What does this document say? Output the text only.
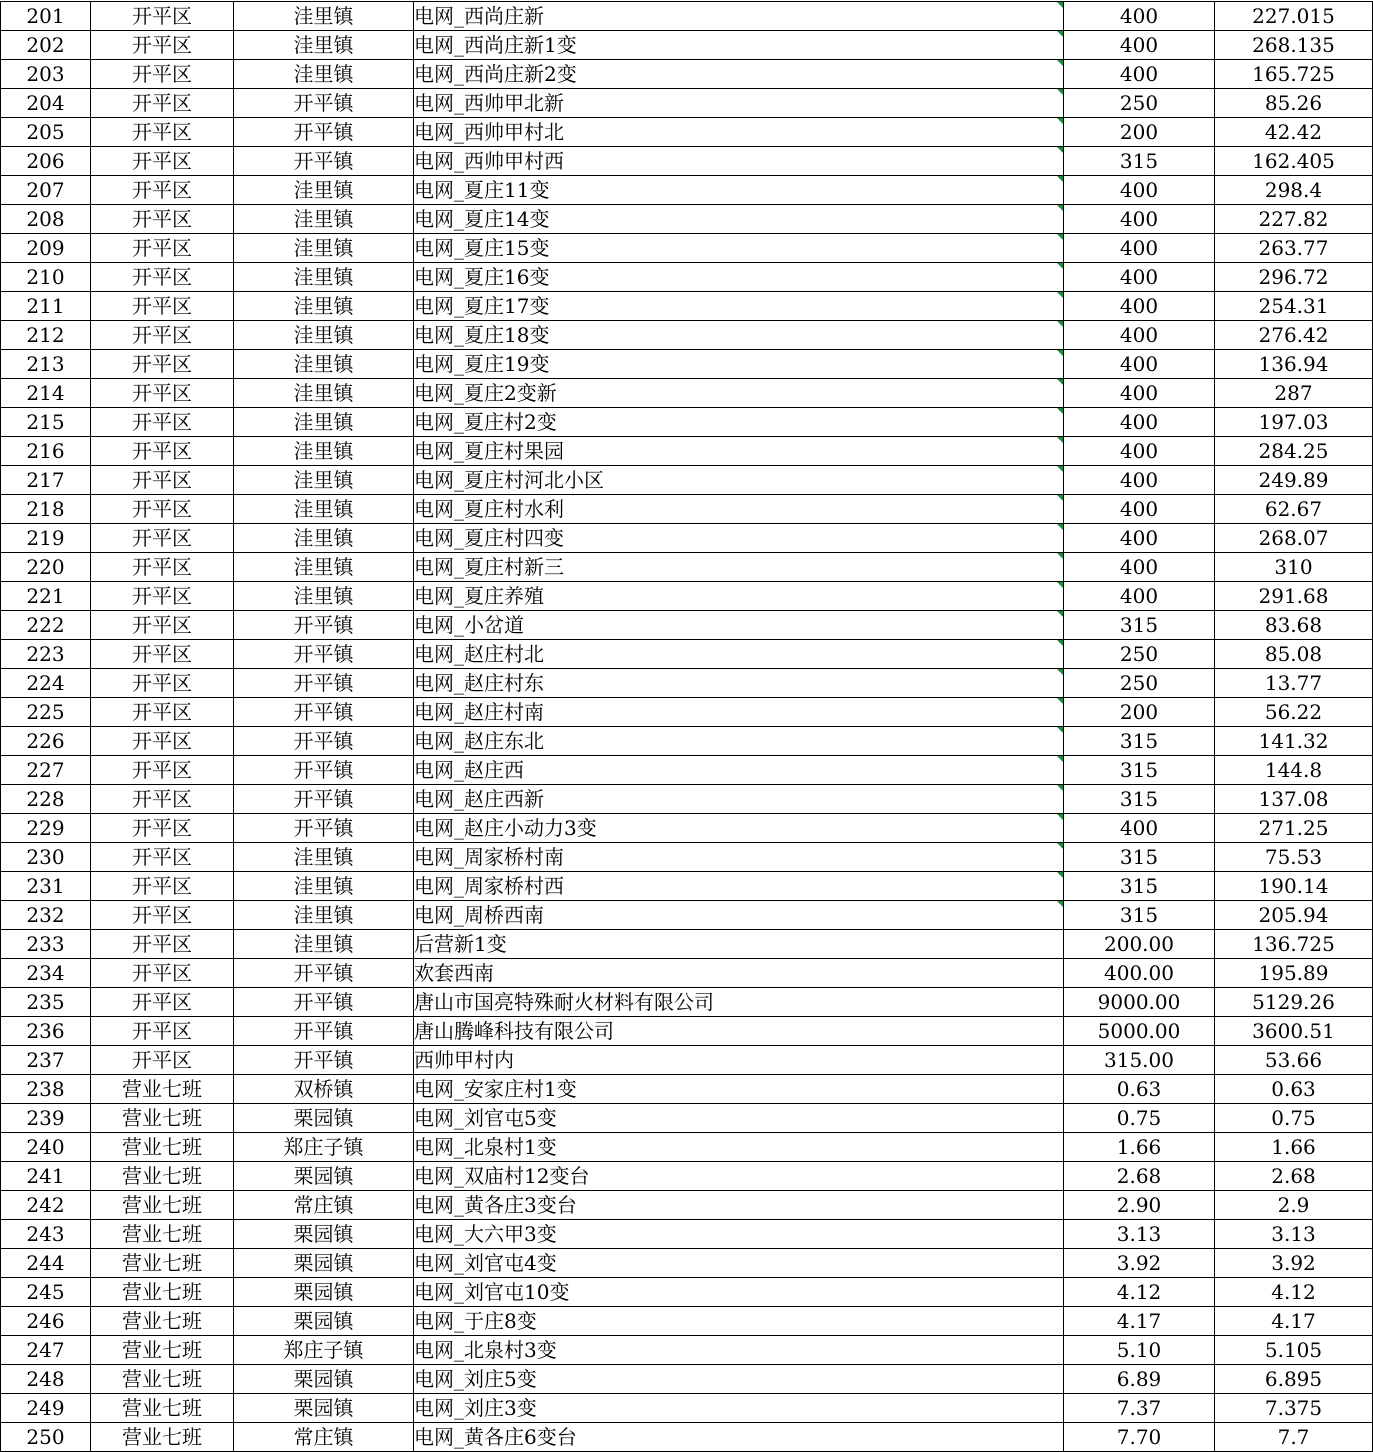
201	开平区	洼里镇	电网_西尚庄新	400	227.015
202	开平区	洼里镇	电网_西尚庄新1变	400	268.135
203	开平区	洼里镇	电网_西尚庄新2变	400	165.725
204	开平区	开平镇	电网_西帅甲北新	250	85.26
205	开平区	开平镇	电网_西帅甲村北	200	42.42
206	开平区	开平镇	电网_西帅甲村西	315	162.405
207	开平区	洼里镇	电网_夏庄11变	400	298.4
208	开平区	洼里镇	电网_夏庄14变	400	227.82
209	开平区	洼里镇	电网_夏庄15变	400	263.77
210	开平区	洼里镇	电网_夏庄16变	400	296.72
211	开平区	洼里镇	电网_夏庄17变	400	254.31
212	开平区	洼里镇	电网_夏庄18变	400	276.42
213	开平区	洼里镇	电网_夏庄19变	400	136.94
214	开平区	洼里镇	电网_夏庄2变新	400	287
215	开平区	洼里镇	电网_夏庄村2变	400	197.03
216	开平区	洼里镇	电网_夏庄村果园	400	284.25
217	开平区	洼里镇	电网_夏庄村河北小区	400	249.89
218	开平区	洼里镇	电网_夏庄村水利	400	62.67
219	开平区	洼里镇	电网_夏庄村四变	400	268.07
220	开平区	洼里镇	电网_夏庄村新三	400	310
221	开平区	洼里镇	电网_夏庄养殖	400	291.68
222	开平区	开平镇	电网_小岔道	315	83.68
223	开平区	开平镇	电网_赵庄村北	250	85.08
224	开平区	开平镇	电网_赵庄村东	250	13.77
225	开平区	开平镇	电网_赵庄村南	200	56.22
226	开平区	开平镇	电网_赵庄东北	315	141.32
227	开平区	开平镇	电网_赵庄西	315	144.8
228	开平区	开平镇	电网_赵庄西新	315	137.08
229	开平区	开平镇	电网_赵庄小动力3变	400	271.25
230	开平区	洼里镇	电网_周家桥村南	315	75.53
231	开平区	洼里镇	电网_周家桥村西	315	190.14
232	开平区	洼里镇	电网_周桥西南	315	205.94
233	开平区	洼里镇	后营新1变	200.00	136.725
234	开平区	开平镇	欢套西南	400.00	195.89
235	开平区	开平镇	唐山市国亮特殊耐火材料有限公司	9000.00	5129.26
236	开平区	开平镇	唐山腾峰科技有限公司	5000.00	3600.51
237	开平区	开平镇	西帅甲村内	315.00	53.66
238	营业七班	双桥镇	电网_安家庄村1变	0.63	0.63
239	营业七班	栗园镇	电网_刘官屯5变	0.75	0.75
240	营业七班	郑庄子镇	电网_北泉村1变	1.66	1.66
241	营业七班	栗园镇	电网_双庙村12变台	2.68	2.68
242	营业七班	常庄镇	电网_黄各庄3变台	2.90	2.9
243	营业七班	栗园镇	电网_大六甲3变	3.13	3.13
244	营业七班	栗园镇	电网_刘官屯4变	3.92	3.92
245	营业七班	栗园镇	电网_刘官屯10变	4.12	4.12
246	营业七班	栗园镇	电网_于庄8变	4.17	4.17
247	营业七班	郑庄子镇	电网_北泉村3变	5.10	5.105
248	营业七班	栗园镇	电网_刘庄5变	6.89	6.895
249	营业七班	栗园镇	电网_刘庄3变	7.37	7.375
250	营业七班	常庄镇	电网_黄各庄6变台	7.70	7.7
